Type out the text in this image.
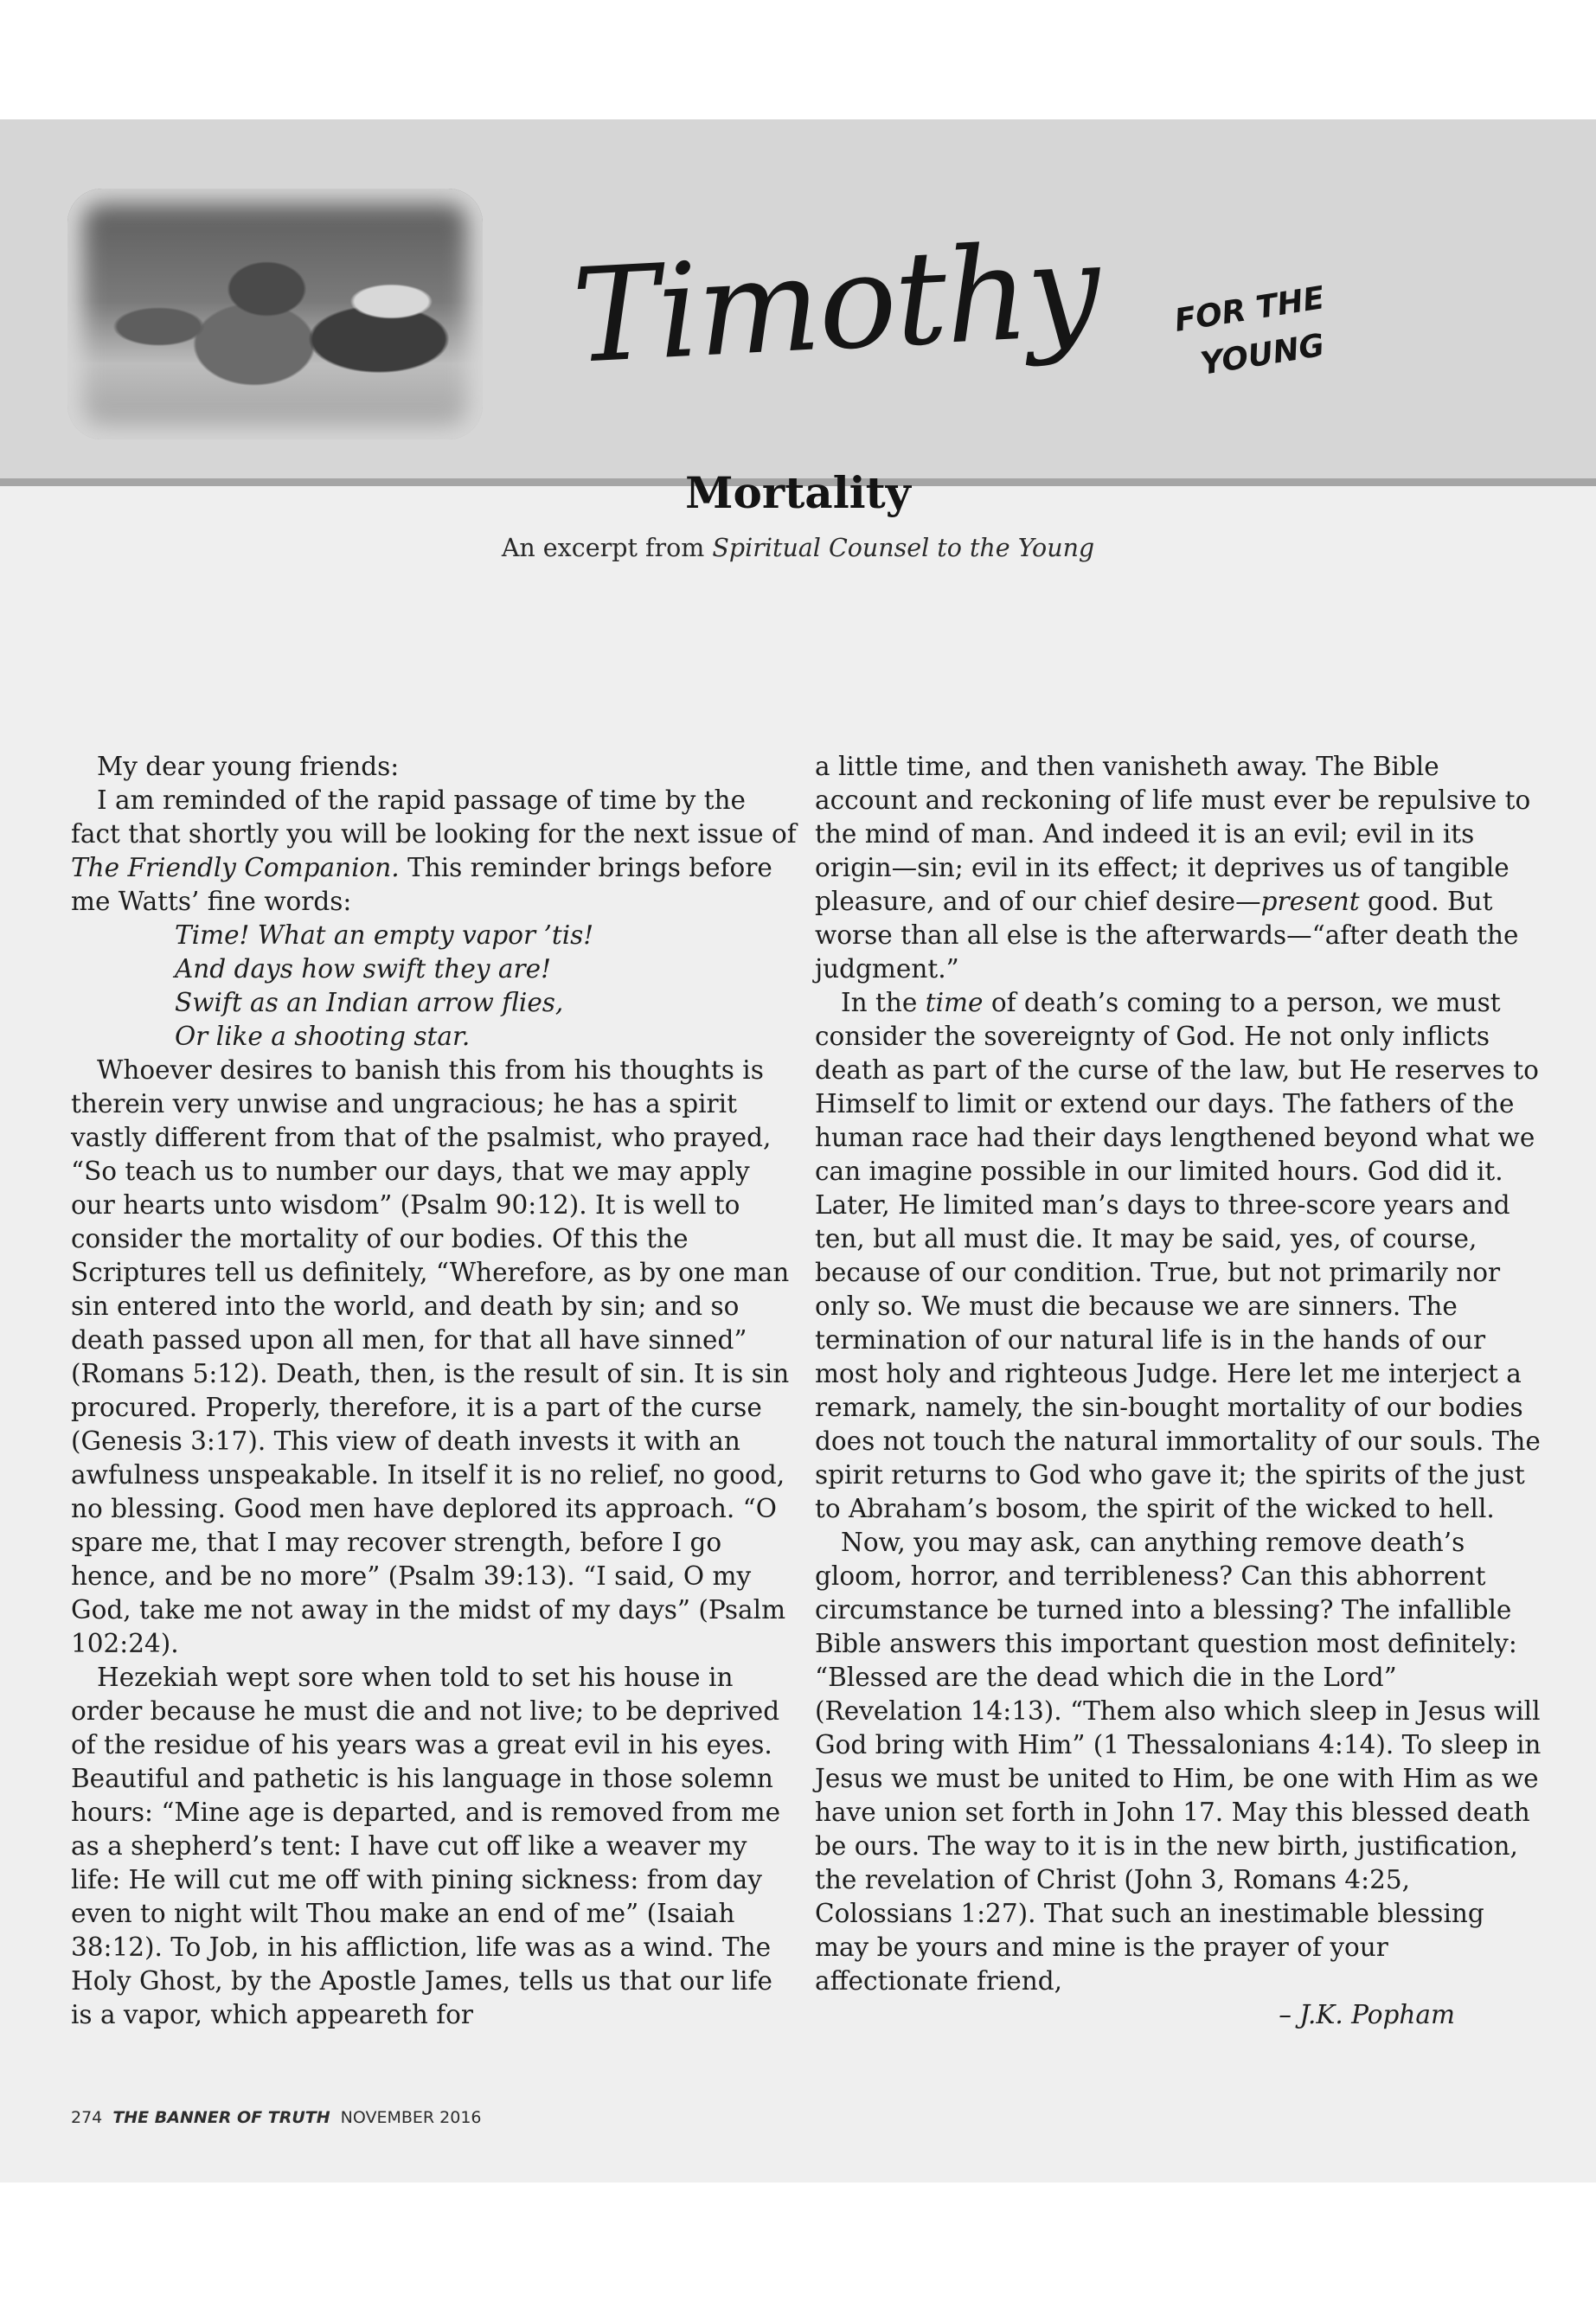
Timothy FOR THE
YOUNG
Mortality
An excerpt from Spiritual Counsel to the Young

My dear young friends:

I am reminded of the rapid passage of time by the fact that shortly you will be looking for the next issue of The Friendly Companion. This reminder brings before me Watts’ fine words:

Time! What an empty vapor ’tis!
And days how swift they are!
Swift as an Indian arrow flies,
Or like a shooting star.

Whoever desires to banish this from his thoughts is therein very unwise and ungracious; he has a spirit vastly different from that of the psalmist, who prayed, “So teach us to number our days, that we may apply our hearts unto wisdom” (Psalm 90:12). It is well to consider the mortality of our bodies. Of this the Scriptures tell us definitely, “Wherefore, as by one man sin entered into the world, and death by sin; and so death passed upon all men, for that all have sinned” (Romans 5:12). Death, then, is the result of sin. It is sin procured. Properly, therefore, it is a part of the curse (Genesis 3:17). This view of death invests it with an awfulness unspeakable. In itself it is no relief, no good, no blessing. Good men have deplored its approach. “O spare me, that I may recover strength, before I go hence, and be no more” (Psalm 39:13). “I said, O my God, take me not away in the midst of my days” (Psalm 102:24).

Hezekiah wept sore when told to set his house in order because he must die and not live; to be deprived of the residue of his years was a great evil in his eyes. Beautiful and pathetic is his language in those solemn hours: “Mine age is departed, and is removed from me as a shepherd’s tent: I have cut off like a weaver my life: He will cut me off with pining sickness: from day even to night wilt Thou make an end of me” (Isaiah 38:12). To Job, in his affliction, life was as a wind. The Holy Ghost, by the Apostle James, tells us that our life is a vapor, which appeareth for

a little time, and then vanisheth away. The Bible account and reckoning of life must ever be repulsive to the mind of man. And indeed it is an evil; evil in its origin—sin; evil in its effect; it deprives us of tangible pleasure, and of our chief desire—present good. But worse than all else is the afterwards—“after death the judgment.”

In the time of death’s coming to a person, we must consider the sovereignty of God. He not only inflicts death as part of the curse of the law, but He reserves to Himself to limit or extend our days. The fathers of the human race had their days lengthened beyond what we can imagine possible in our limited hours. God did it. Later, He limited man’s days to three-score years and ten, but all must die. It may be said, yes, of course, because of our condition. True, but not primarily nor only so. We must die because we are sinners. The termination of our natural life is in the hands of our most holy and righteous Judge. Here let me interject a remark, namely, the sin-bought mortality of our bodies does not touch the natural immortality of our souls. The spirit returns to God who gave it; the spirits of the just to Abraham’s bosom, the spirit of the wicked to hell.

Now, you may ask, can anything remove death’s gloom, horror, and terribleness? Can this abhorrent circumstance be turned into a blessing? The infallible Bible answers this important question most definitely: “Blessed are the dead which die in the Lord” (Revelation 14:13). “Them also which sleep in Jesus will God bring with Him” (1 Thessalonians 4:14). To sleep in Jesus we must be united to Him, be one with Him as we have union set forth in John 17. May this blessed death be ours. The way to it is in the new birth, justification, the revelation of Christ (John 3, Romans 4:25, Colossians 1:27). That such an inestimable blessing may be yours and mine is the prayer of your affectionate friend,

– J.K. Popham
274 THE BANNER OF TRUTH NOVEMBER 2016
